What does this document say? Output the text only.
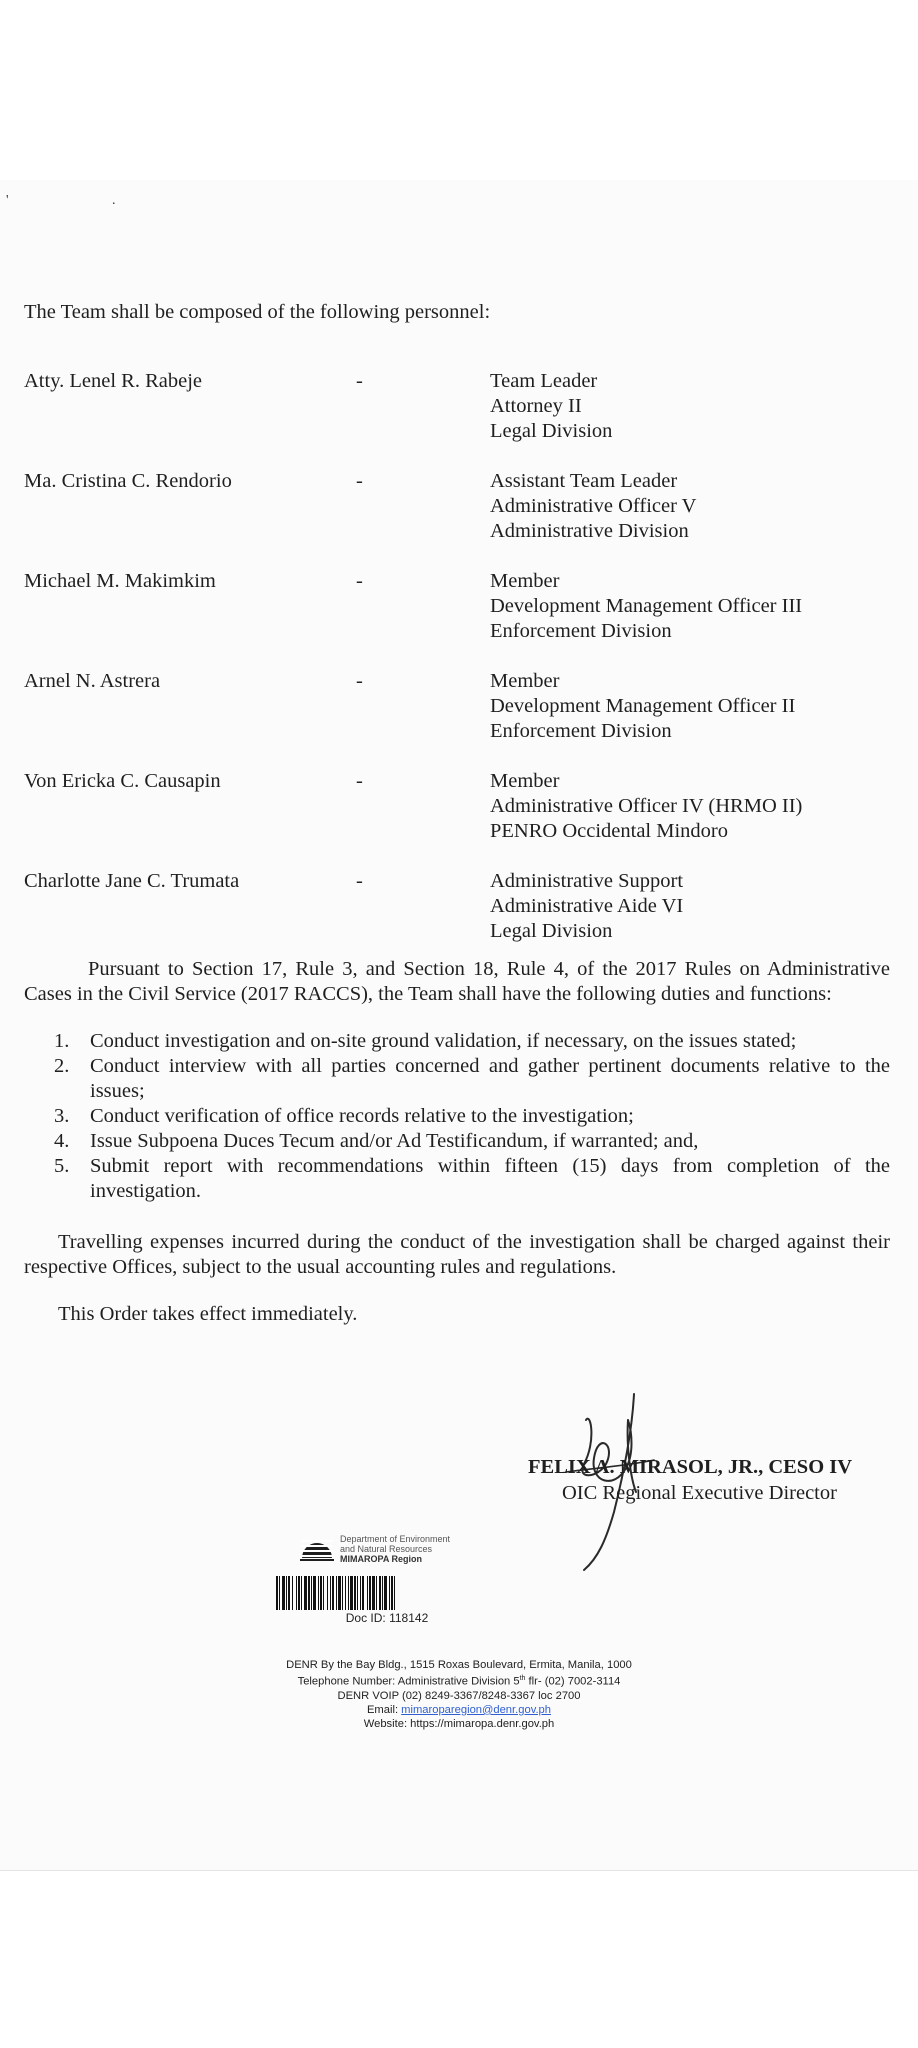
' .

The Team shall be composed of the following personnel:

Atty. Lenel R. Rabeje	-	Team Leader
Attorney II
Legal Division
Ma. Cristina C. Rendorio	-	Assistant Team Leader
Administrative Officer V
Administrative Division
Michael M. Makimkim	-	Member
Development Management Officer III
Enforcement Division
Arnel N. Astrera	-	Member
Development Management Officer II
Enforcement Division
Von Ericka C. Causapin	-	Member
Administrative Officer IV (HRMO II)
PENRO Occidental Mindoro
Charlotte Jane C. Trumata	-	Administrative Support
Administrative Aide VI
Legal Division

Pursuant to Section 17, Rule 3, and Section 18, Rule 4, of the 2017 Rules on Administrative Cases in the Civil Service (2017 RACCS), the Team shall have the following duties and functions:

1. Conduct investigation and on-site ground validation, if necessary, on the issues stated;
2. Conduct interview with all parties concerned and gather pertinent documents relative to the issues;
3. Conduct verification of office records relative to the investigation;
4. Issue Subpoena Duces Tecum and/or Ad Testificandum, if warranted; and,
5. Submit report with recommendations within fifteen (15) days from completion of the investigation.

Travelling expenses incurred during the conduct of the investigation shall be charged against their respective Offices, subject to the usual accounting rules and regulations.

This Order takes effect immediately.

FELIX A. MIRASOL, JR., CESO IV
OIC Regional Executive Director
Department of Environment
and Natural Resources
MIMAROPA Region
Doc ID: 118142
DENR By the Bay Bldg., 1515 Roxas Boulevard, Ermita, Manila, 1000
Telephone Number: Administrative Division 5th flr- (02) 7002-3114
DENR VOIP (02) 8249-3367/8248-3367 loc 2700
Email: mimaroparegion@denr.gov.ph
Website: https://mimaropa.denr.gov.ph
